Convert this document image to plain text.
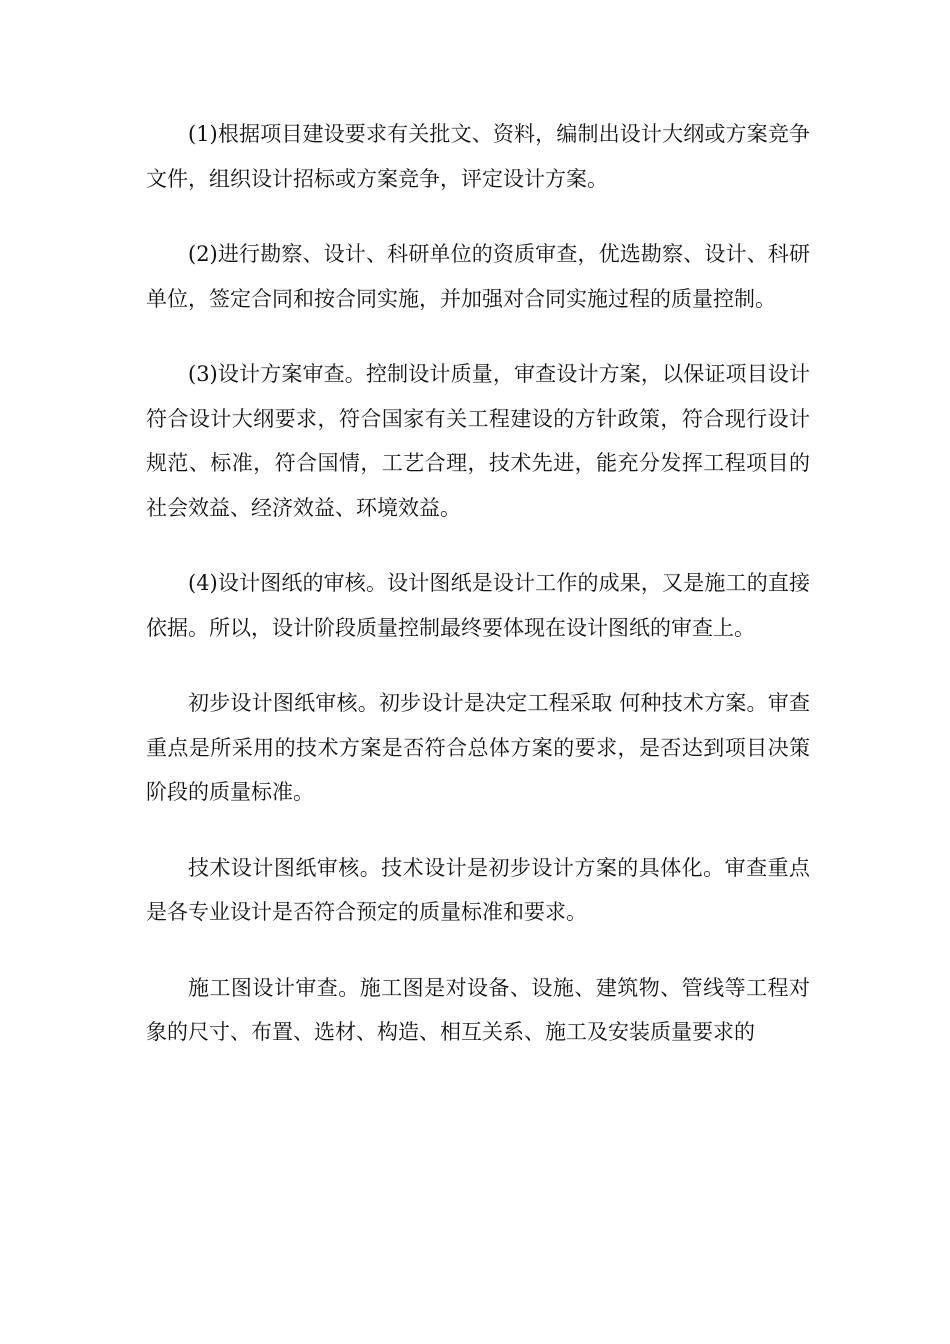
(1)根据项目建设要求有关批文、资料，编制出设计大纲或方案竞争文件，组织设计招标或方案竞争，评定设计方案。

(2)进行勘察、设计、科研单位的资质审查，优选勘察、设计、科研单位，签定合同和按合同实施，并加强对合同实施过程的质量控制。

(3)设计方案审查。控制设计质量，审查设计方案，以保证项目设计符合设计大纲要求，符合国家有关工程建设的方针政策，符合现行设计规范、标准，符合国情，工艺合理，技术先进，能充分发挥工程项目的社会效益、经济效益、环境效益。

(4)设计图纸的审核。设计图纸是设计工作的成果，又是施工的直接依据。所以，设计阶段质量控制最终要体现在设计图纸的审查上。

初步设计图纸审核。初步设计是决定工程采取 何种技术方案。审查重点是所采用的技术方案是否符合总体方案的要求，是否达到项目决策阶段的质量标准。

技术设计图纸审核。技术设计是初步设计方案的具体化。审查重点是各专业设计是否符合预定的质量标准和要求。

施工图设计审查。施工图是对设备、设施、建筑物、管线等工程对象的尺寸、布置、选材、构造、相互关系、施工及安装质量要求的
